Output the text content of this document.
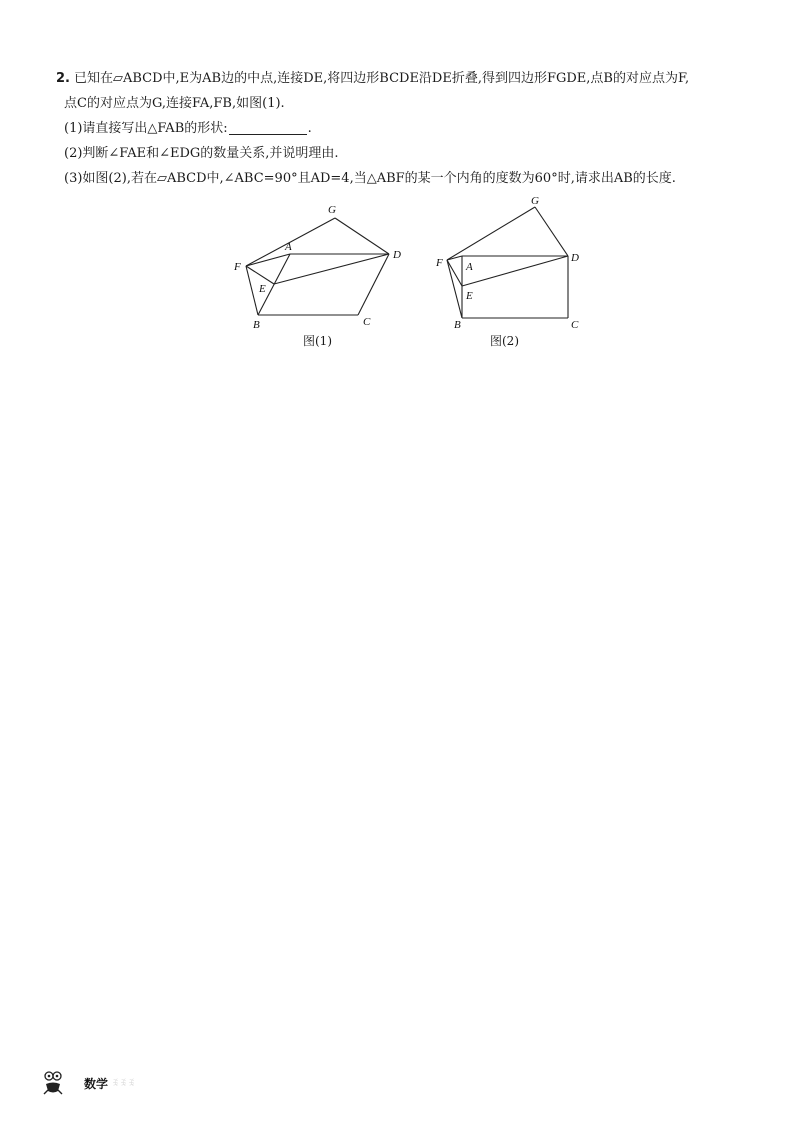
2. 已知在▱ABCD中,E为AB边的中点,连接DE,将四边形BCDE沿DE折叠,得到四边形FGDE,点B的对应点为F,
点C的对应点为G,连接FA,FB,如图(1).
(1)请直接写出△FAB的形状:	.
(2)判断∠FAE和∠EDG的数量关系,并说明理由.
(3)如图(2),若在▱ABCD中,∠ABC=90°且AD=4,当△ABF的某一个内角的度数为60°时,请求出AB的长度.
G
A
D
F
E
B	C
图(1)
G
F A
D
E
B	C
图(2)
数学 ꉂꉂꉂ
